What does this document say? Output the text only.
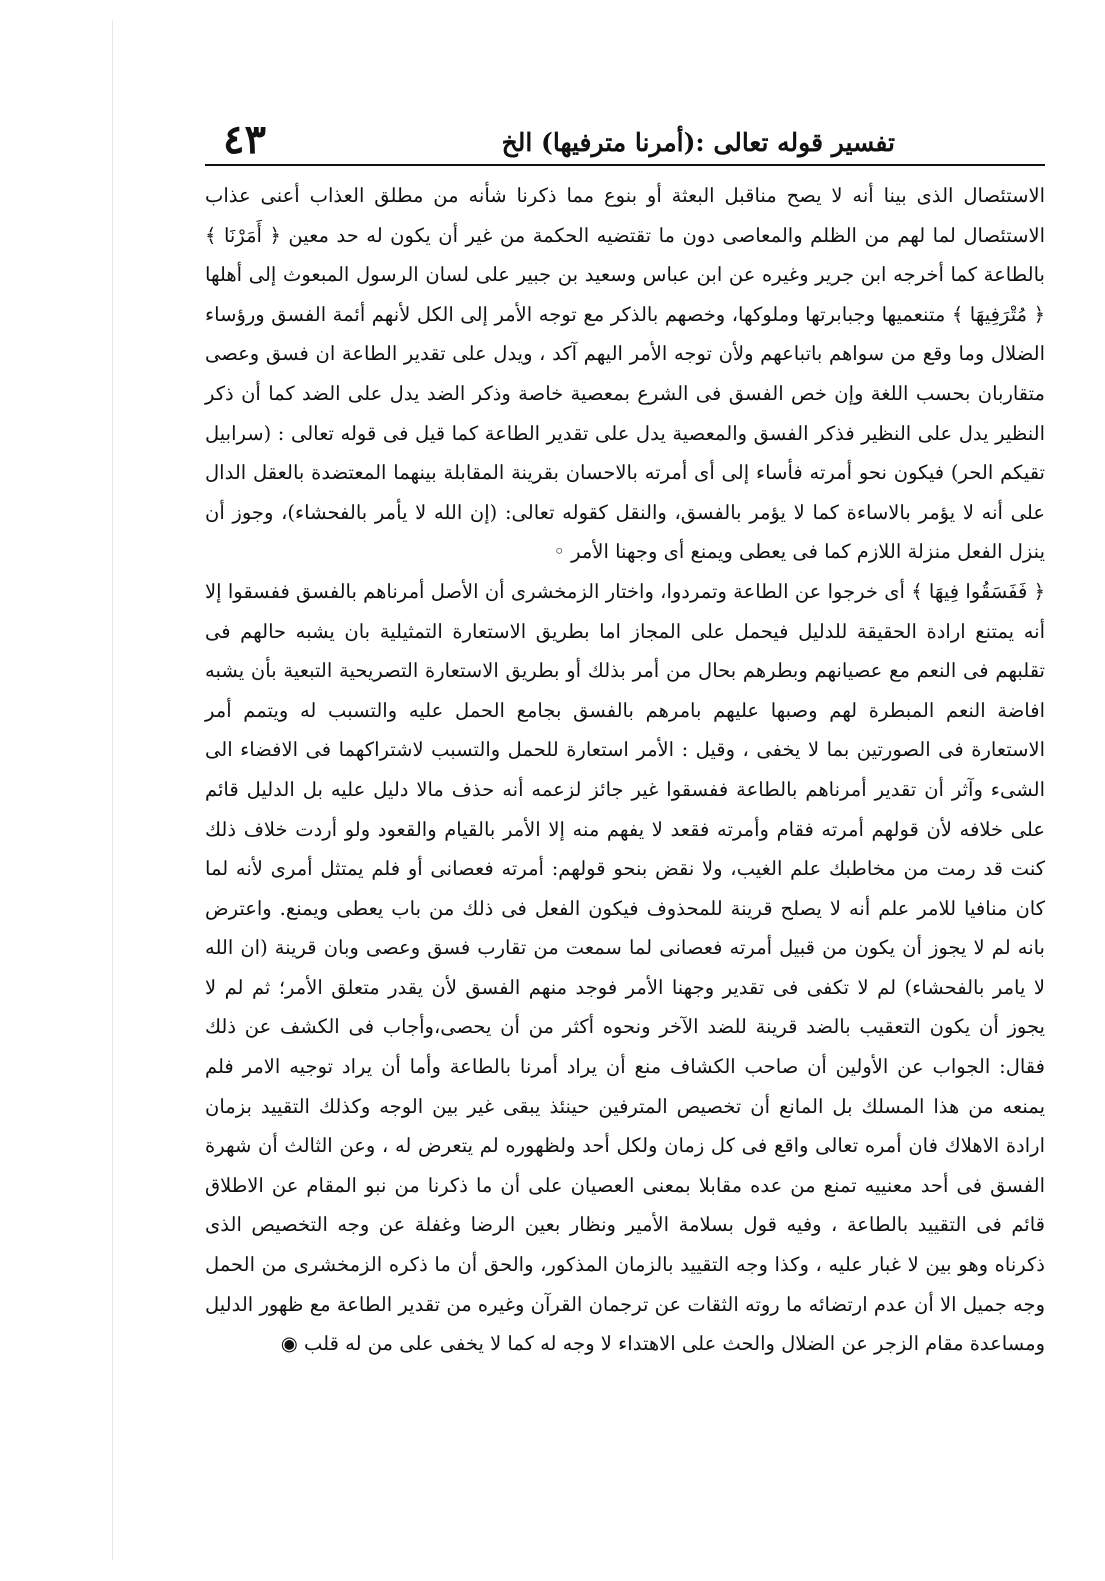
تفسير قوله تعالى :(أمرنا مترفيها) الخ
٤٣

الاستئصال الذى بينا أنه لا يصح مناقبل البعثة أو بنوع مما ذكرنا شأنه من مطلق العذاب أعنى عذاب الاستئصال لما لهم من الظلم والمعاصى دون ما تقتضيه الحكمة من غير أن يكون له حد معين ﴿ أَمَرْنَا ﴾ بالطاعة كما أخرجه ابن جرير وغيره عن ابن عباس وسعيد بن جبير على لسان الرسول المبعوث إلى أهلها ﴿ مُتْرَفِيهَا ﴾ متنعميها وجبابرتها وملوكها، وخصهم بالذكر مع توجه الأمر إلى الكل لأنهم أئمة الفسق ورؤساء الضلال وما وقع من سواهم باتباعهم ولأن توجه الأمر اليهم آكد ، ويدل على تقدير الطاعة ان فسق وعصى متقاربان بحسب اللغة وإن خص الفسق فى الشرع بمعصية خاصة وذكر الضد يدل على الضد كما أن ذكر النظير يدل على النظير فذكر الفسق والمعصية يدل على تقدير الطاعة كما قيل فى قوله تعالى : (سرابيل تقيكم الحر) فيكون نحو أمرته فأساء إلى أى أمرته بالاحسان بقرينة المقابلة بينهما المعتضدة بالعقل الدال على أنه لا يؤمر بالاساءة كما لا يؤمر بالفسق، والنقل كقوله تعالى: (إن الله لا يأمر بالفحشاء)، وجوز أن ينزل الفعل منزلة اللازم كما فى يعطى ويمنع أى وجهنا الأمر ◦

﴿ فَفَسَقُوا فِيهَا ﴾ أى خرجوا عن الطاعة وتمردوا، واختار الزمخشرى أن الأصل أمرناهم بالفسق ففسقوا إلا أنه يمتنع ارادة الحقيقة للدليل فيحمل على المجاز اما بطريق الاستعارة التمثيلية بان يشبه حالهم فى تقلبهم فى النعم مع عصيانهم وبطرهم بحال من أمر بذلك أو بطريق الاستعارة التصريحية التبعية بأن يشبه افاضة النعم المبطرة لهم وصبها عليهم بامرهم بالفسق بجامع الحمل عليه والتسبب له ويتمم أمر الاستعارة فى الصورتين بما لا يخفى ، وقيل : الأمر استعارة للحمل والتسبب لاشتراكهما فى الافضاء الى الشىء وآثر أن تقدير أمرناهم بالطاعة ففسقوا غير جائز لزعمه أنه حذف مالا دليل عليه بل الدليل قائم على خلافه لأن قولهم أمرته فقام وأمرته فقعد لا يفهم منه إلا الأمر بالقيام والقعود ولو أردت خلاف ذلك كنت قد رمت من مخاطبك علم الغيب، ولا نقض بنحو قولهم: أمرته فعصانى أو فلم يمتثل أمرى لأنه لما كان منافيا للامر علم أنه لا يصلح قرينة للمحذوف فيكون الفعل فى ذلك من باب يعطى ويمنع. واعترض بانه لم لا يجوز أن يكون من قبيل أمرته فعصانى لما سمعت من تقارب فسق وعصى وبان قرينة (ان الله لا يامر بالفحشاء) لم لا تكفى فى تقدير وجهنا الأمر فوجد منهم الفسق لأن يقدر متعلق الأمر؛ ثم لم لا يجوز أن يكون التعقيب بالضد قرينة للضد الآخر ونحوه أكثر من أن يحصى،وأجاب فى الكشف عن ذلك فقال: الجواب عن الأولين أن صاحب الكشاف منع أن يراد أمرنا بالطاعة وأما أن يراد توجيه الامر فلم يمنعه من هذا المسلك بل المانع أن تخصيص المترفين حينئذ يبقى غير بين الوجه وكذلك التقييد بزمان ارادة الاهلاك فان أمره تعالى واقع فى كل زمان ولكل أحد ولظهوره لم يتعرض له ، وعن الثالث أن شهرة الفسق فى أحد معنييه تمنع من عده مقابلا بمعنى العصيان على أن ما ذكرنا من نبو المقام عن الاطلاق قائم فى التقييد بالطاعة ، وفيه قول بسلامة الأمير ونظار بعين الرضا وغفلة عن وجه التخصيص الذى ذكرناه وهو بين لا غبار عليه ، وكذا وجه التقييد بالزمان المذكور، والحق أن ما ذكره الزمخشرى من الحمل وجه جميل الا أن عدم ارتضائه ما روته الثقات عن ترجمان القرآن وغيره من تقدير الطاعة مع ظهور الدليل ومساعدة مقام الزجر عن الضلال والحث على الاهتداء لا وجه له كما لا يخفى على من له قلب ◉
